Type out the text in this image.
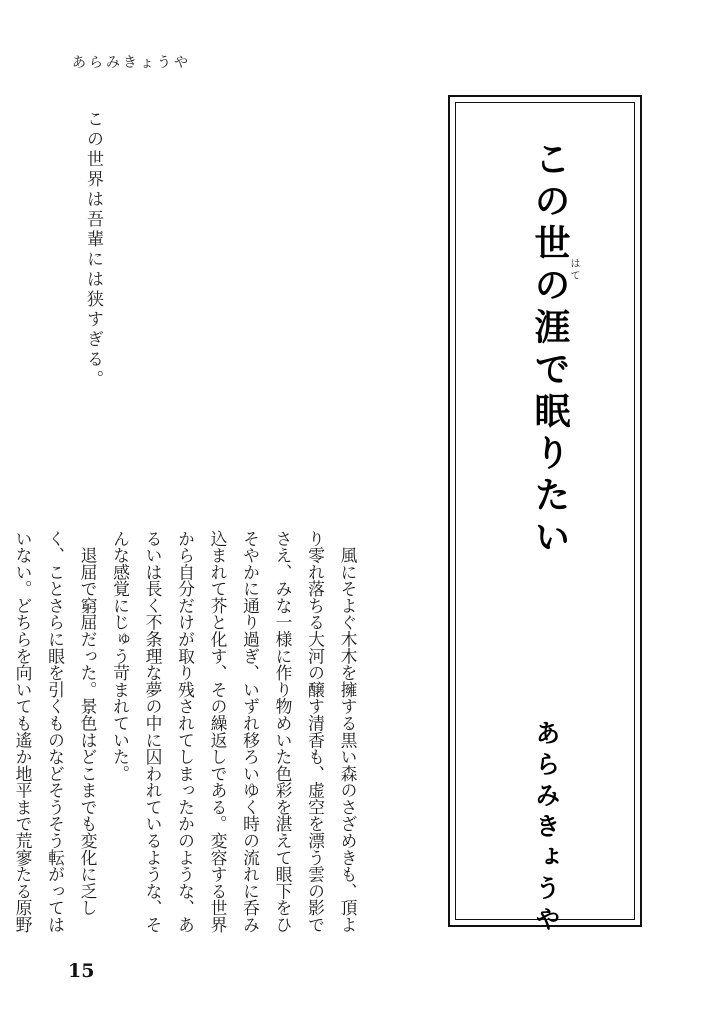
あらみきょうや
この世界は吾輩には狭すぎる。	この世の涯で眠りたい
はて
あらみきょうや

　風にそよぐ木木を擁する黒い森のさざめきも、頂より零れ落ちる大河の醸す清香も、虚空を漂う雲の影でさえ、みな一様に作り物めいた色彩を湛えて眼下をひそやかに通り過ぎ、いずれ移ろいゆく時の流れに呑み込まれて芥と化す、その繰返しである。変容する世界から自分だけが取り残されてしまったかのような、あるいは長く不条理な夢の中に囚われているような、そんな感覚にじゅう苛まれていた。

　退屈で窮屈だった。景色はどこまでも変化に乏しく、ことさらに眼を引くものなどそうそう転がってはいない。どちらを向いても遙か地平まで荒寥たる原野

15
